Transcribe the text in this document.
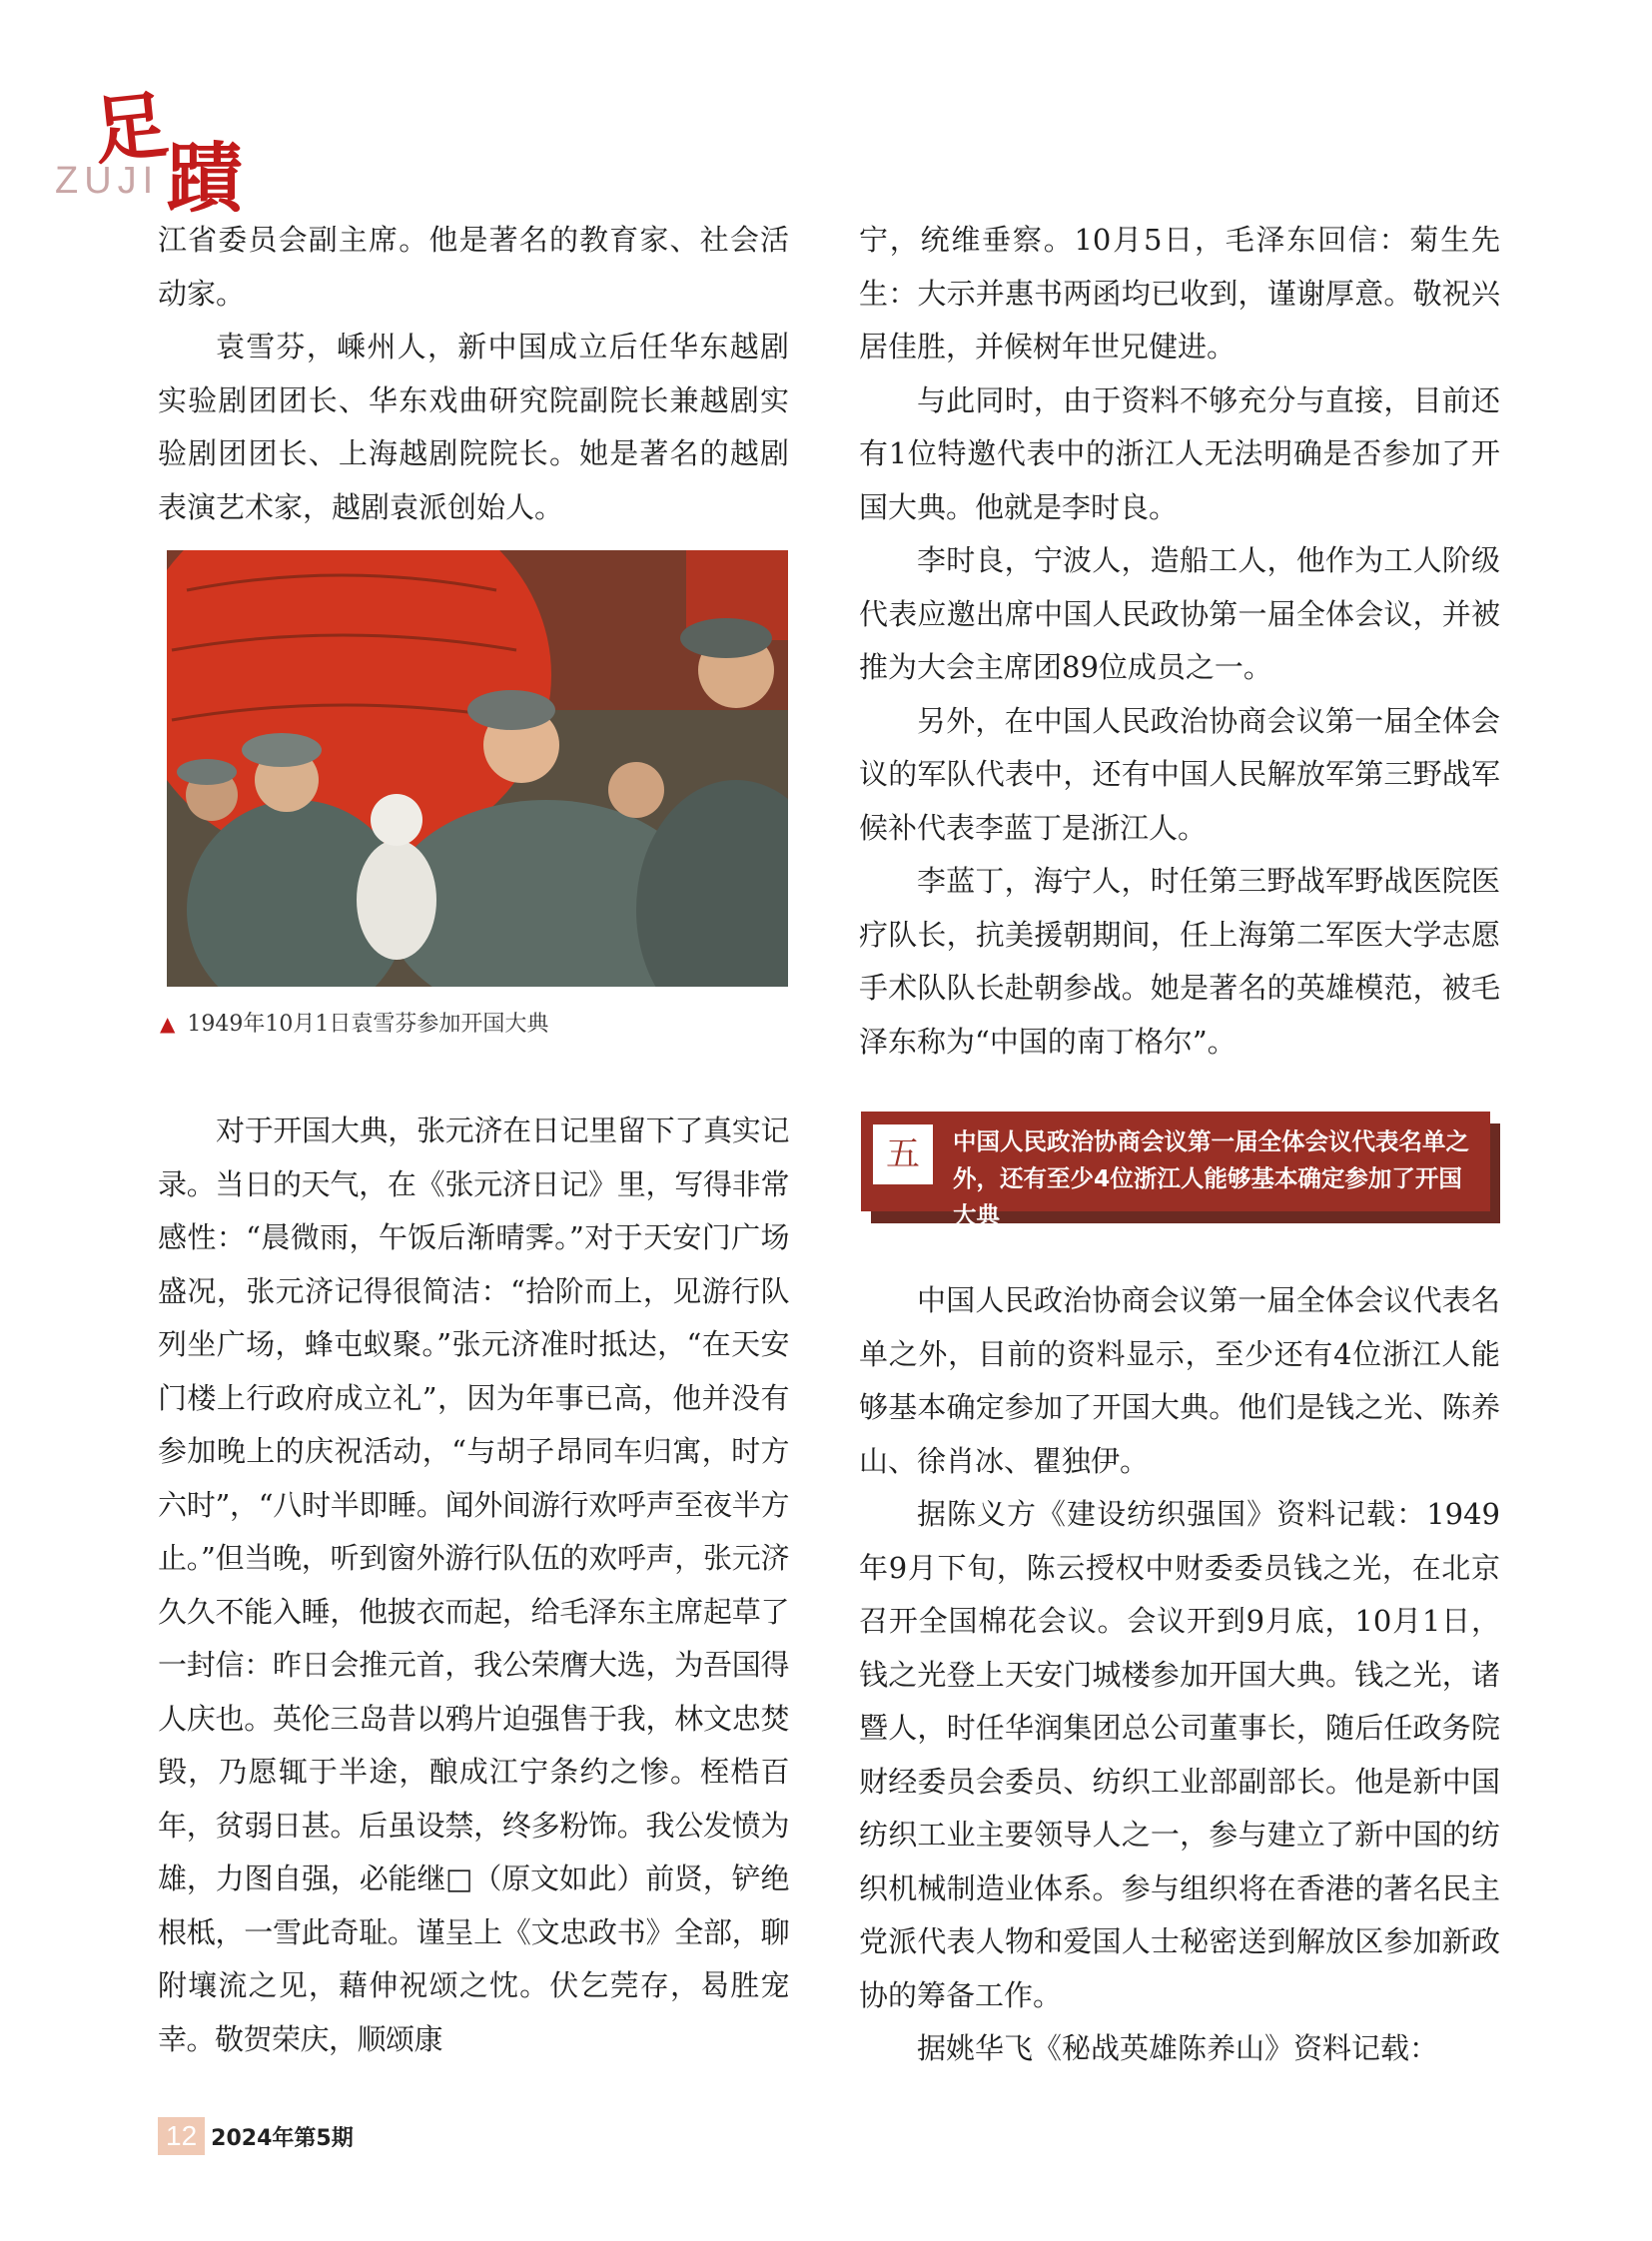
足
蹟
ZUJI

江省委员会副主席。他是著名的教育家、社会活动家。

袁雪芬，嵊州人，新中国成立后任华东越剧实验剧团团长、华东戏曲研究院副院长兼越剧实验剧团团长、上海越剧院院长。她是著名的越剧表演艺术家，越剧袁派创始人。

▲ 1949年10月1日袁雪芬参加开国大典

对于开国大典，张元济在日记里留下了真实记录。当日的天气，在《张元济日记》里，写得非常感性：“晨微雨，午饭后渐晴霁。”对于天安门广场盛况，张元济记得很简洁：“拾阶而上，见游行队列坐广场，蜂屯蚁聚。”张元济准时抵达，“在天安门楼上行政府成立礼”，因为年事已高，他并没有参加晚上的庆祝活动，“与胡子昂同车归寓，时方六时”，“八时半即睡。闻外间游行欢呼声至夜半方止。”但当晚，听到窗外游行队伍的欢呼声，张元济久久不能入睡，他披衣而起，给毛泽东主席起草了一封信：昨日会推元首，我公荣膺大选，为吾国得人庆也。英伦三岛昔以鸦片迫强售于我，林文忠焚毁，乃愿辄于半途，酿成江宁条约之惨。桎梏百年，贫弱日甚。后虽设禁，终多粉饰。我公发愤为雄，力图自强，必能继□（原文如此）前贤，铲绝根柢，一雪此奇耻。谨呈上《文忠政书》全部，聊附壤流之见，藉伸祝颂之忱。伏乞莞存，曷胜宠幸。敬贺荣庆，顺颂康

宁，统维垂察。10月5日，毛泽东回信：菊生先生：大示并惠书两函均已收到，谨谢厚意。敬祝兴居佳胜，并候树年世兄健进。

与此同时，由于资料不够充分与直接，目前还有1位特邀代表中的浙江人无法明确是否参加了开国大典。他就是李时良。

李时良，宁波人，造船工人，他作为工人阶级代表应邀出席中国人民政协第一届全体会议，并被推为大会主席团89位成员之一。

另外，在中国人民政治协商会议第一届全体会议的军队代表中，还有中国人民解放军第三野战军候补代表李蓝丁是浙江人。

李蓝丁，海宁人，时任第三野战军野战医院医疗队长，抗美援朝期间，任上海第二军医大学志愿手术队队长赴朝参战。她是著名的英雄模范，被毛泽东称为“中国的南丁格尔”。

五	中国人民政治协商会议第一届全体会议代表名单之外，还有至少4位浙江人能够基本确定参加了开国大典

中国人民政治协商会议第一届全体会议代表名单之外，目前的资料显示，至少还有4位浙江人能够基本确定参加了开国大典。他们是钱之光、陈养山、徐肖冰、瞿独伊。

据陈义方《建设纺织强国》资料记载：1949年9月下旬，陈云授权中财委委员钱之光，在北京召开全国棉花会议。会议开到9月底，10月1日，钱之光登上天安门城楼参加开国大典。钱之光，诸暨人，时任华润集团总公司董事长，随后任政务院财经委员会委员、纺织工业部副部长。他是新中国纺织工业主要领导人之一，参与建立了新中国的纺织机械制造业体系。参与组织将在香港的著名民主党派代表人物和爱国人士秘密送到解放区参加新政协的筹备工作。

据姚华飞《秘战英雄陈养山》资料记载：

12 2024年第5期
